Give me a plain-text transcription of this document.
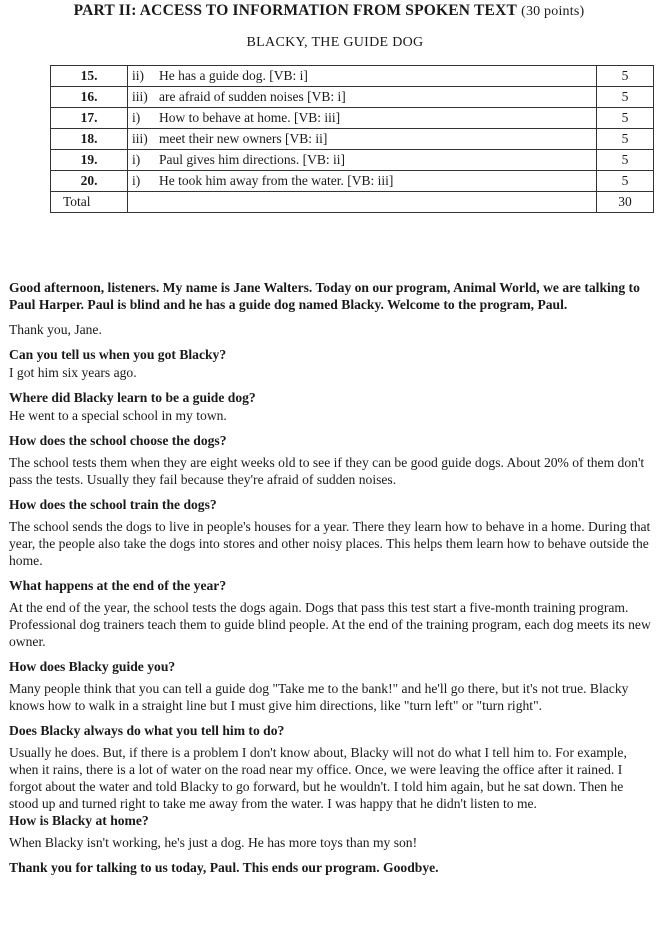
PART II: ACCESS TO INFORMATION FROM SPOKEN TEXT (30 points)
BLACKY, THE GUIDE DOG
15.	ii) He has a guide dog. [VB: i]	5
16.	iii) are afraid of sudden noises [VB: i]	5
17.	i) How to behave at home. [VB: iii]	5
18.	iii) meet their new owners [VB: ii]	5
19.	i) Paul gives him directions. [VB: ii]	5
20.	i) He took him away from the water. [VB: iii]	5
Total		30

Good afternoon, listeners. My name is Jane Walters. Today on our program, Animal World, we are talking to Paul Harper. Paul is blind and he has a guide dog named Blacky. Welcome to the program, Paul.

Thank you, Jane.

Can you tell us when you got Blacky?

I got him six years ago.

Where did Blacky learn to be a guide dog?

He went to a special school in my town.

How does the school choose the dogs?

The school tests them when they are eight weeks old to see if they can be good guide dogs. About 20% of them don't pass the tests. Usually they fail because they're afraid of sudden noises.

How does the school train the dogs?

The school sends the dogs to live in people's houses for a year. There they learn how to behave in a home. During that year, the people also take the dogs into stores and other noisy places. This helps them learn how to behave outside the home.

What happens at the end of the year?

At the end of the year, the school tests the dogs again. Dogs that pass this test start a five-month training program. Professional dog trainers teach them to guide blind people. At the end of the training program, each dog meets its new owner.

How does Blacky guide you?

Many people think that you can tell a guide dog "Take me to the bank!" and he'll go there, but it's not true. Blacky knows how to walk in a straight line but I must give him directions, like "turn left" or "turn right".

Does Blacky always do what you tell him to do?

Usually he does. But, if there is a problem I don't know about, Blacky will not do what I tell him to. For example, when it rains, there is a lot of water on the road near my office. Once, we were leaving the office after it rained. I forgot about the water and told Blacky to go forward, but he wouldn't. I told him again, but he sat down. Then he stood up and turned right to take me away from the water. I was happy that he didn't listen to me.

How is Blacky at home?

When Blacky isn't working, he's just a dog. He has more toys than my son!

Thank you for talking to us today, Paul. This ends our program. Goodbye.
